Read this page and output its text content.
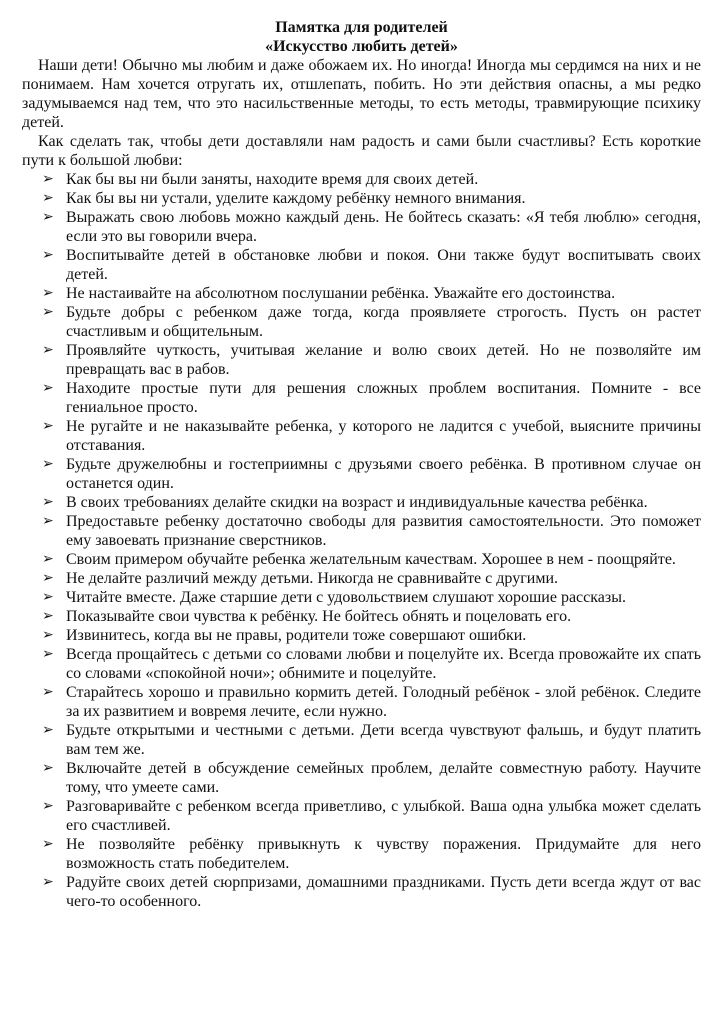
Памятка для родителей

«Искусство любить детей»

Наши дети! Обычно мы любим и даже обожаем их. Но иногда! Иногда мы сердимся на них и не понимаем. Нам хочется отругать их, отшлепать, побить. Но эти действия опасны, а мы редко задумываемся над тем, что это насильственные методы, то есть методы, травмирующие психику детей.

Как сделать так, чтобы дети доставляли нам радость и сами были счастливы? Есть короткие пути к большой любви:

➢ Как бы вы ни были заняты, находите время для своих детей.
➢ Как бы вы ни устали, уделите каждому ребёнку немного внимания.
➢ Выражать свою любовь можно каждый день. Не бойтесь сказать: «Я тебя люблю» сегодня, если это вы говорили вчера.
➢ Воспитывайте детей в обстановке любви и покоя. Они также будут воспитывать своих детей.
➢ Не настаивайте на абсолютном послушании ребёнка. Уважайте его достоинства.
➢ Будьте добры с ребенком даже тогда, когда проявляете строгость. Пусть он растет счастливым и общительным.
➢ Проявляйте чуткость, учитывая желание и волю своих детей. Но не позволяйте им превращать вас в рабов.
➢ Находите простые пути для решения сложных проблем воспитания. Помните - все гениальное просто.
➢ Не ругайте и не наказывайте ребенка, у которого не ладится с учебой, выясните причины отставания.
➢ Будьте дружелюбны и гостеприимны с друзьями своего ребёнка. В противном случае он останется один.
➢ В своих требованиях делайте скидки на возраст и индивидуальные качества ребёнка.
➢ Предоставьте ребенку достаточно свободы для развития самостоятельности. Это поможет ему завоевать признание сверстников.
➢ Своим примером обучайте ребенка желательным качествам. Хорошее в нем - поощряйте.
➢ Не делайте различий между детьми. Никогда не сравнивайте с другими.
➢ Читайте вместе. Даже старшие дети с удовольствием слушают хорошие рассказы.
➢ Показывайте свои чувства к ребёнку. Не бойтесь обнять и поцеловать его.
➢ Извинитесь, когда вы не правы, родители тоже совершают ошибки.
➢ Всегда прощайтесь с детьми со словами любви и поцелуйте их. Всегда провожайте их спать со словами «спокойной ночи»; обнимите и поцелуйте.
➢ Старайтесь хорошо и правильно кормить детей. Голодный ребёнок - злой ребёнок. Следите за их развитием и вовремя лечите, если нужно.
➢ Будьте открытыми и честными с детьми. Дети всегда чувствуют фальшь, и будут платить вам тем же.
➢ Включайте детей в обсуждение семейных проблем, делайте совместную работу. Научите тому, что умеете сами.
➢ Разговаривайте с ребенком всегда приветливо, с улыбкой. Ваша одна улыбка может сделать его счастливей.
➢ Не позволяйте ребёнку привыкнуть к чувству поражения. Придумайте для него возможность стать победителем.
➢ Радуйте своих детей сюрпризами, домашними праздниками. Пусть дети всегда ждут от вас чего-то особенного.
